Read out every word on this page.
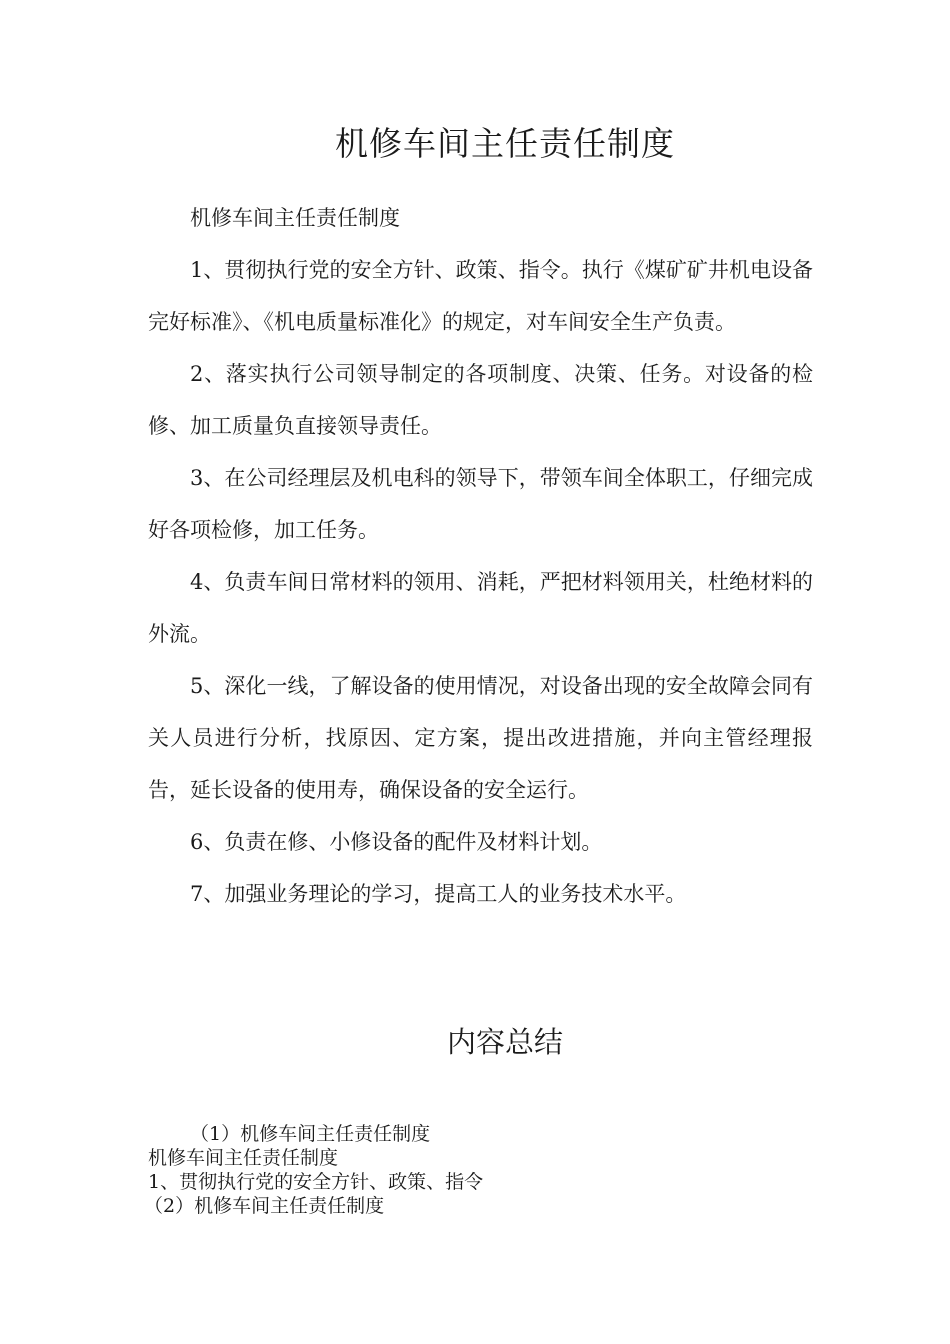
机修车间主任责任制度

机修车间主任责任制度

1、贯彻执行党的安全方针、政策、指令。执行《煤矿矿井机电设备完好标准》、《机电质量标准化》的规定，对车间安全生产负责。

2、落实执行公司领导制定的各项制度、决策、任务。对设备的检修、加工质量负直接领导责任。

3、在公司经理层及机电科的领导下，带领车间全体职工，仔细完成好各项检修，加工任务。

4、负责车间日常材料的领用、消耗，严把材料领用关，杜绝材料的外流。

5、深化一线，了解设备的使用情况，对设备出现的安全故障会同有关人员进行分析，找原因、定方案，提出改进措施，并向主管经理报告，延长设备的使用寿，确保设备的安全运行。

6、负责在修、小修设备的配件及材料计划。

7、加强业务理论的学习，提高工人的业务技术水平。

内容总结
（1）机修车间主任责任制度
机修车间主任责任制度
1、贯彻执行党的安全方针、政策、指令
（2）机修车间主任责任制度
